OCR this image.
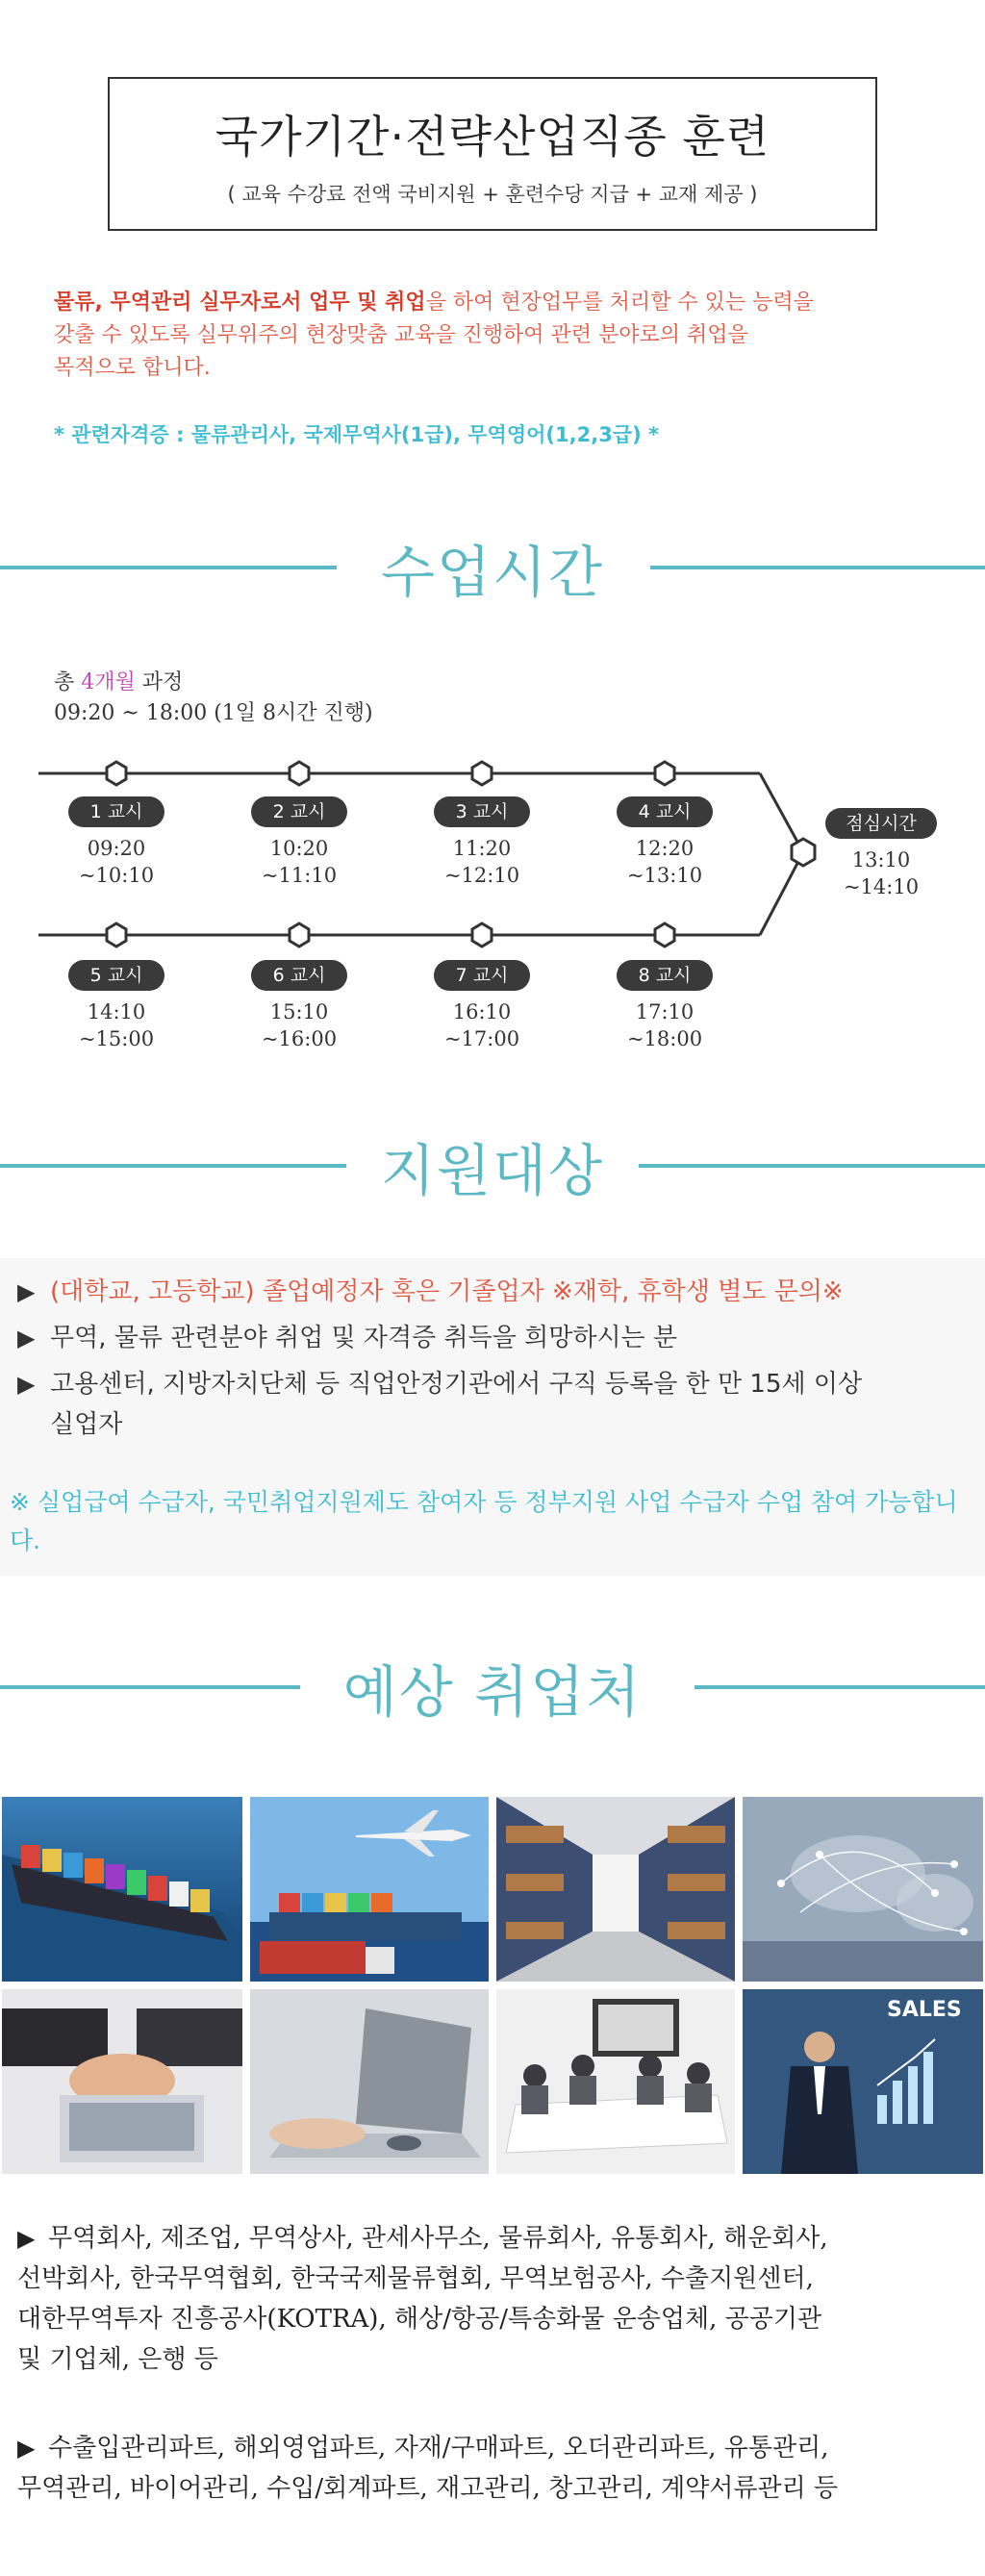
국가기간·전략산업직종 훈련
( 교육 수강료 전액 국비지원 + 훈련수당 지급 + 교재 제공 )
물류, 무역관리 실무자로서 업무 및 취업을 하여 현장업무를 처리할 수 있는 능력을
갖출 수 있도록 실무위주의 현장맞춤 교육을 진행하여 관련 분야로의 취업을
목적으로 합니다.
* 관련자격증 : 물류관리사, 국제무역사(1급), 무역영어(1,2,3급) *
수업시간
총 4개월 과정
09:20 ~ 18:00 (1일 8시간 진행)
1 교시
09:20
~10:10
2 교시
10:20
~11:10
3 교시
11:20
~12:10
4 교시
12:20
~13:10
점심시간
13:10
~14:10
5 교시
14:10
~15:00
6 교시
15:10
~16:00
7 교시
16:10
~17:00
8 교시
17:10
~18:00
지원대상
▶ (대학교, 고등학교) 졸업예정자 혹은 기졸업자 ※재학, 휴학생 별도 문의※
▶ 무역, 물류 관련분야 취업 및 자격증 취득을 희망하시는 분
▶ 고용센터, 지방자치단체 등 직업안정기관에서 구직 등록을 한 만 15세 이상
실업자
※ 실업급여 수급자, 국민취업지원제도 참여자 등 정부지원 사업 수급자 수업 참여 가능합니다.
예상 취업처
SALES
▶ 무역회사, 제조업, 무역상사, 관세사무소, 물류회사, 유통회사, 해운회사,
선박회사, 한국무역협회, 한국국제물류협회, 무역보험공사, 수출지원센터,
대한무역투자 진흥공사(KOTRA), 해상/항공/특송화물 운송업체, 공공기관
및 기업체, 은행 등
▶ 수출입관리파트, 해외영업파트, 자재/구매파트, 오더관리파트, 유통관리,
무역관리, 바이어관리, 수입/회계파트, 재고관리, 창고관리, 계약서류관리 등
